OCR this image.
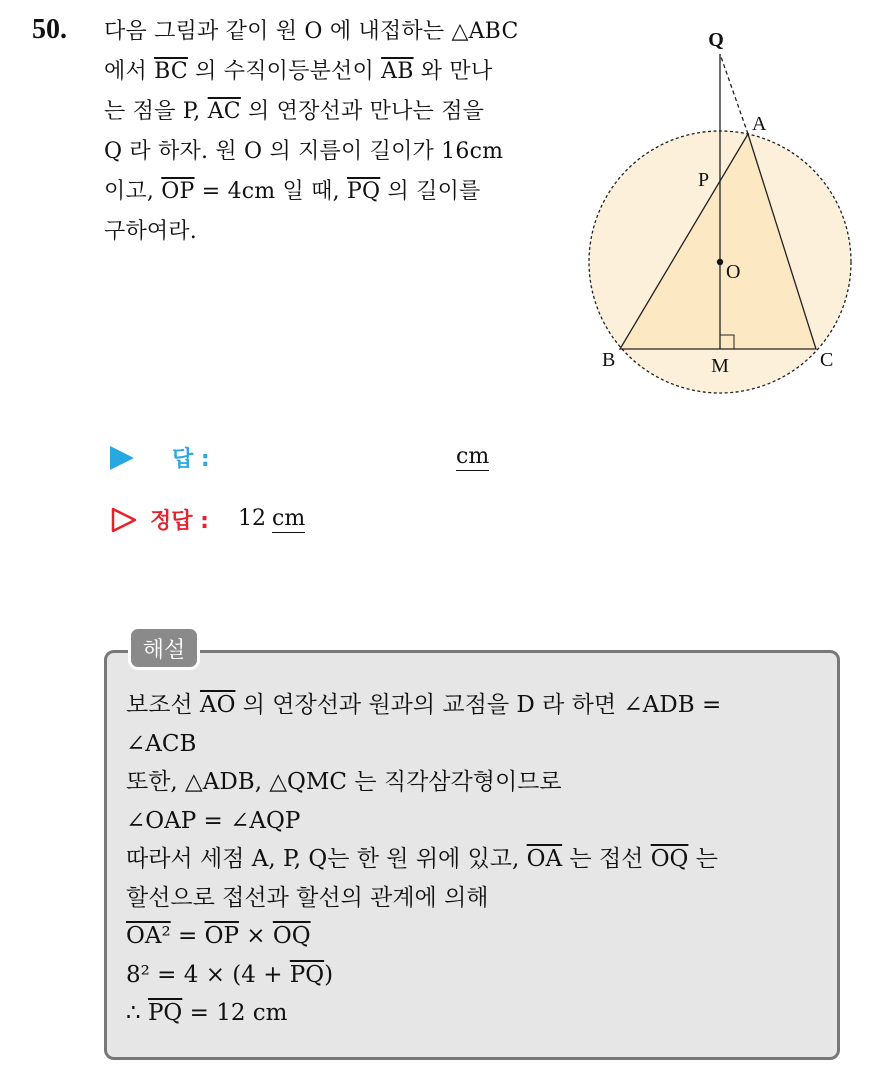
50. 다음 그림과 같이 원 O 에 내접하는 △ABC
에서 $\overline{BC}$ 의 수직이등분선이 $\overline{AB}$ 와 만나
는 점을 P, $\overline{AC}$ 의 연장선과 만나는 점을
Q 라 하자. 원 O 의 지름이 길이가 16cm
이고, $\overline{OP} = 4cm$ 일 때, $\overline{PQ}$ 의 길이를
구하여라.
Q
A
P
O
B	M	C
답 :	cm
정답 : 12 cm
해설
보조선 $\overline{AO}$ 의 연장선과 원과의 교점을 D 라 하면 ∠ADB =
∠ACB
또한, △ADB, △QMC 는 직각삼각형이므로
∠OAP = ∠AQP
따라서 세점 A, P, Q는 한 원 위에 있고, $\overline{OA}$ 는 접선 $\overline{OQ}$ 는
할선으로 접선과 할선의 관계에 의해
$OA^2 = \overline{OP} \times \overline{OQ}$
$8^2 = 4 \times (4 + \overline{PQ})$
∴ $\overline{PQ} = 12$ cm
